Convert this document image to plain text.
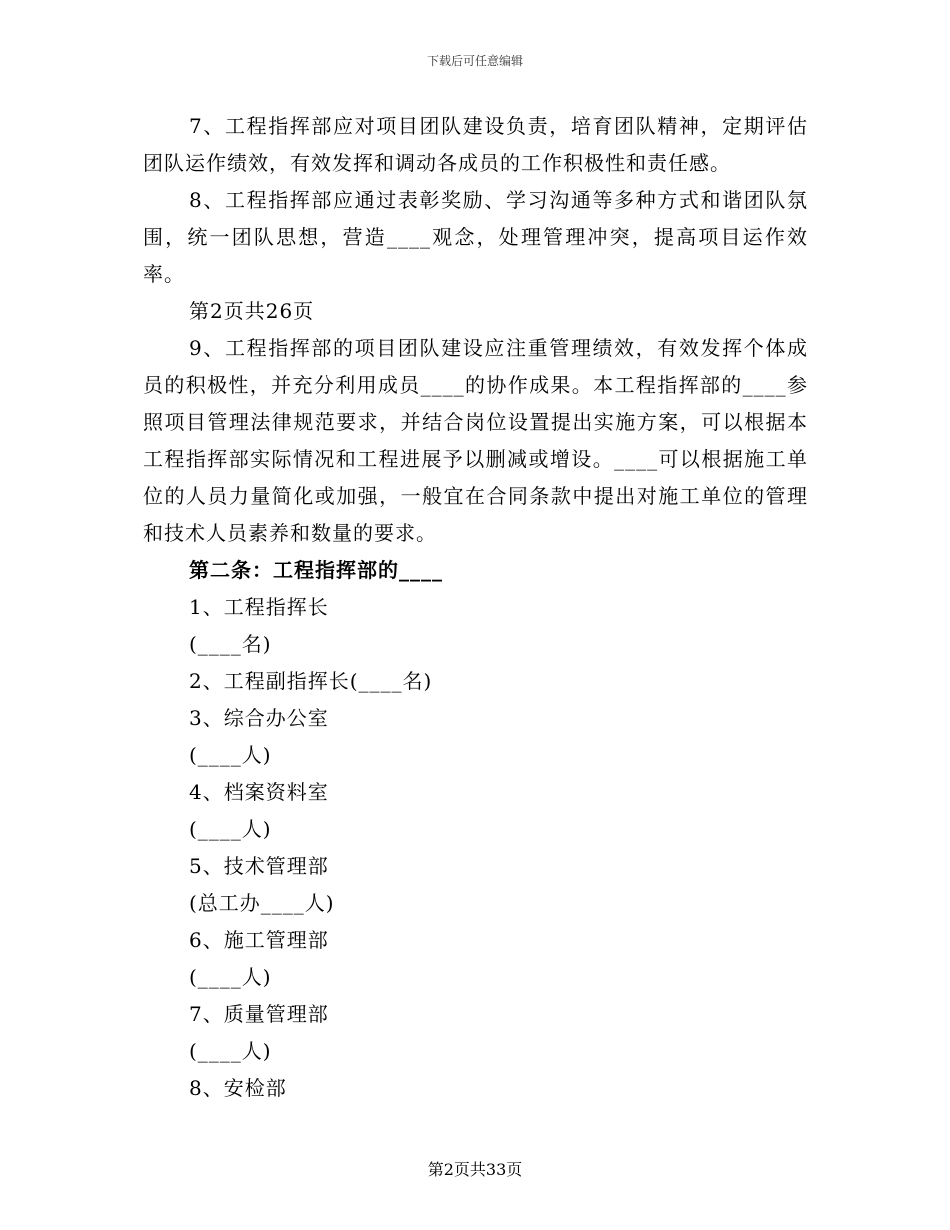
下载后可任意编辑

7、工程指挥部应对项目团队建设负责，培育团队精神，定期评估团队运作绩效，有效发挥和调动各成员的工作积极性和责任感。

8、工程指挥部应通过表彰奖励、学习沟通等多种方式和谐团队氛围，统一团队思想，营造____观念，处理管理冲突，提高项目运作效率。

第2页共26页

9、工程指挥部的项目团队建设应注重管理绩效，有效发挥个体成员的积极性，并充分利用成员____的协作成果。本工程指挥部的____参照项目管理法律规范要求，并结合岗位设置提出实施方案，可以根据本工程指挥部实际情况和工程进展予以删减或增设。____可以根据施工单位的人员力量简化或加强，一般宜在合同条款中提出对施工单位的管理和技术人员素养和数量的要求。

第二条：工程指挥部的____

1、工程指挥长

(____名)

2、工程副指挥长(____名)

3、综合办公室

(____人)

4、档案资料室

(____人)

5、技术管理部

(总工办____人)

6、施工管理部

(____人)

7、质量管理部

(____人)

8、安检部

第2页共33页
